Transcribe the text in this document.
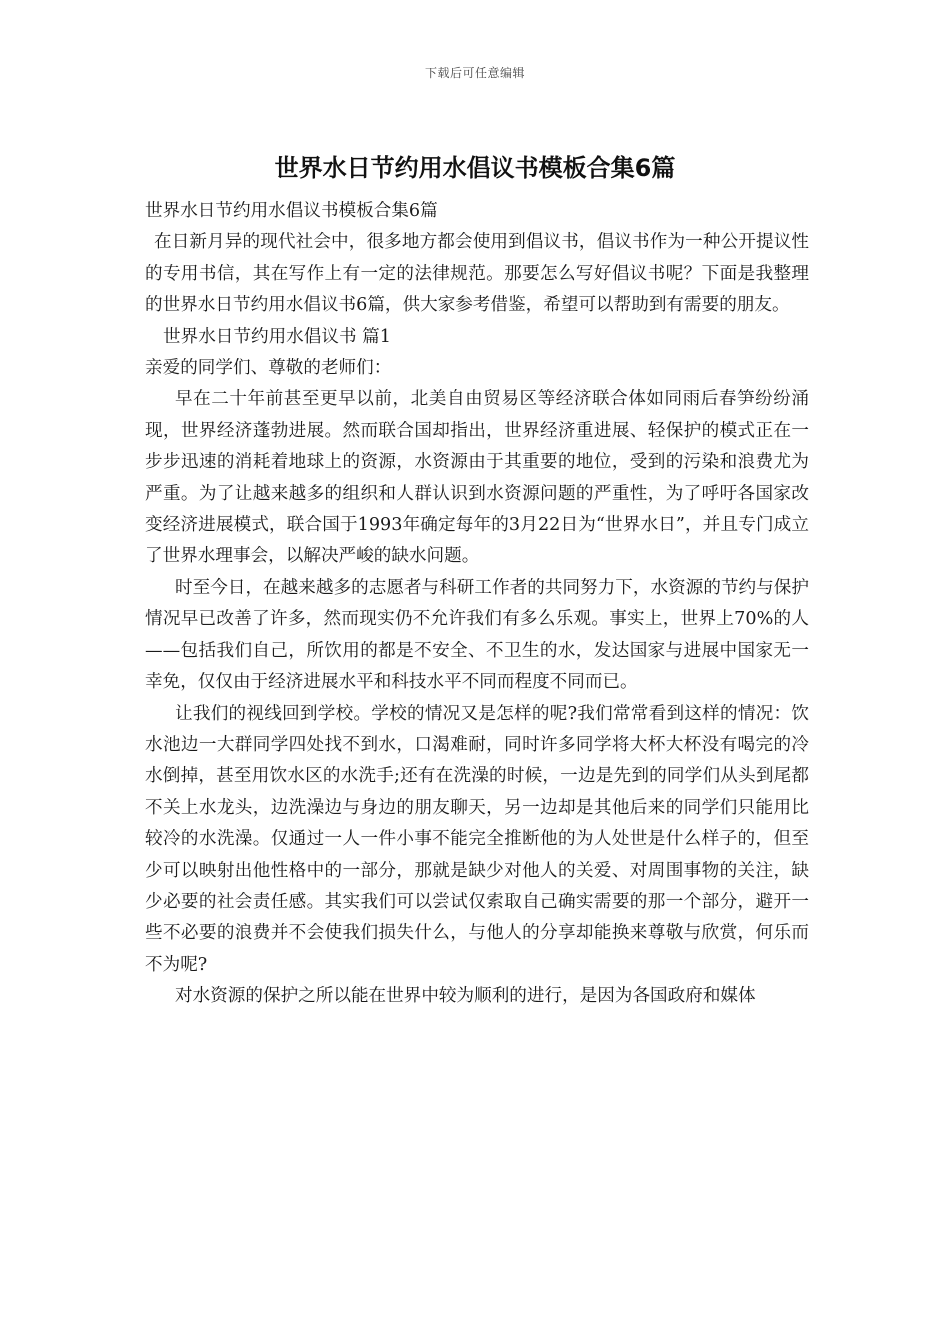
下载后可任意编辑
世界水日节约用水倡议书模板合集6篇

世界水日节约用水倡议书模板合集6篇

在日新月异的现代社会中，很多地方都会使用到倡议书，倡议书作为一种公开提议性的专用书信，其在写作上有一定的法律规范。那要怎么写好倡议书呢？下面是我整理的世界水日节约用水倡议书6篇，供大家参考借鉴，希望可以帮助到有需要的朋友。

世界水日节约用水倡议书 篇1

亲爱的同学们、尊敬的老师们：

早在二十年前甚至更早以前，北美自由贸易区等经济联合体如同雨后春笋纷纷涌现，世界经济蓬勃进展。然而联合国却指出，世界经济重进展、轻保护的模式正在一步步迅速的消耗着地球上的资源，水资源由于其重要的地位，受到的污染和浪费尤为严重。为了让越来越多的组织和人群认识到水资源问题的严重性，为了呼吁各国家改变经济进展模式，联合国于1993年确定每年的3月22日为“世界水日”，并且专门成立了世界水理事会，以解决严峻的缺水问题。

时至今日，在越来越多的志愿者与科研工作者的共同努力下，水资源的节约与保护情况早已改善了许多，然而现实仍不允许我们有多么乐观。事实上，世界上70%的人——包括我们自己，所饮用的都是不安全、不卫生的水，发达国家与进展中国家无一幸免，仅仅由于经济进展水平和科技水平不同而程度不同而已。

让我们的视线回到学校。学校的情况又是怎样的呢?我们常常看到这样的情况：饮水池边一大群同学四处找不到水，口渴难耐，同时许多同学将大杯大杯没有喝完的冷水倒掉，甚至用饮水区的水洗手;还有在洗澡的时候，一边是先到的同学们从头到尾都不关上水龙头，边洗澡边与身边的朋友聊天，另一边却是其他后来的同学们只能用比较冷的水洗澡。仅通过一人一件小事不能完全推断他的为人处世是什么样子的，但至少可以映射出他性格中的一部分，那就是缺少对他人的关爱、对周围事物的关注，缺少必要的社会责任感。其实我们可以尝试仅索取自己确实需要的那一个部分，避开一些不必要的浪费并不会使我们损失什么，与他人的分享却能换来尊敬与欣赏，何乐而不为呢?

对水资源的保护之所以能在世界中较为顺利的进行，是因为各国政府和媒体
